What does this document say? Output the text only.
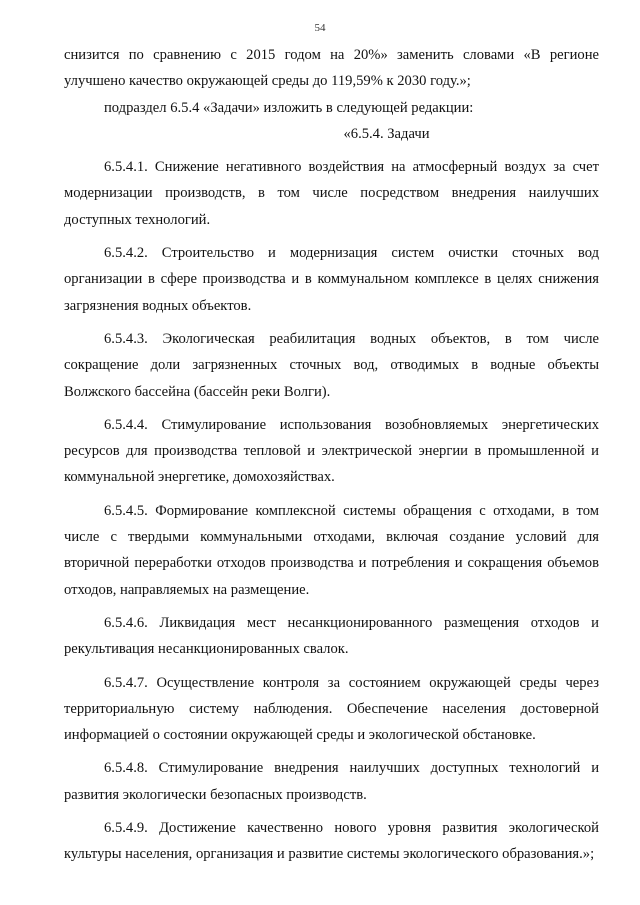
54

снизится по сравнению с 2015 годом на 20%» заменить словами «В регионе улучшено качество окружающей среды до 119,59% к 2030 году.»;

подраздел 6.5.4 «Задачи» изложить в следующей редакции:

«6.5.4. Задачи

6.5.4.1. Снижение негативного воздействия на атмосферный воздух за счет модернизации производств, в том числе посредством внедрения наилучших доступных технологий.

6.5.4.2. Строительство и модернизация систем очистки сточных вод организации в сфере производства и в коммунальном комплексе в целях снижения загрязнения водных объектов.

6.5.4.3. Экологическая реабилитация водных объектов, в том числе сокращение доли загрязненных сточных вод, отводимых в водные объекты Волжского бассейна (бассейн реки Волги).

6.5.4.4. Стимулирование использования возобновляемых энергетических ресурсов для производства тепловой и электрической энергии в промышленной и коммунальной энергетике, домохозяйствах.

6.5.4.5. Формирование комплексной системы обращения с отходами, в том числе с твердыми коммунальными отходами, включая создание условий для вторичной переработки отходов производства и потребления и сокращения объемов отходов, направляемых на размещение.

6.5.4.6. Ликвидация мест несанкционированного размещения отходов и рекультивация несанкционированных свалок.

6.5.4.7. Осуществление контроля за состоянием окружающей среды через территориальную систему наблюдения. Обеспечение населения достоверной информацией о состоянии окружающей среды и экологической обстановке.

6.5.4.8. Стимулирование внедрения наилучших доступных технологий и развития экологически безопасных производств.

6.5.4.9. Достижение качественно нового уровня развития экологической культуры населения, организация и развитие системы экологического образования.»;
